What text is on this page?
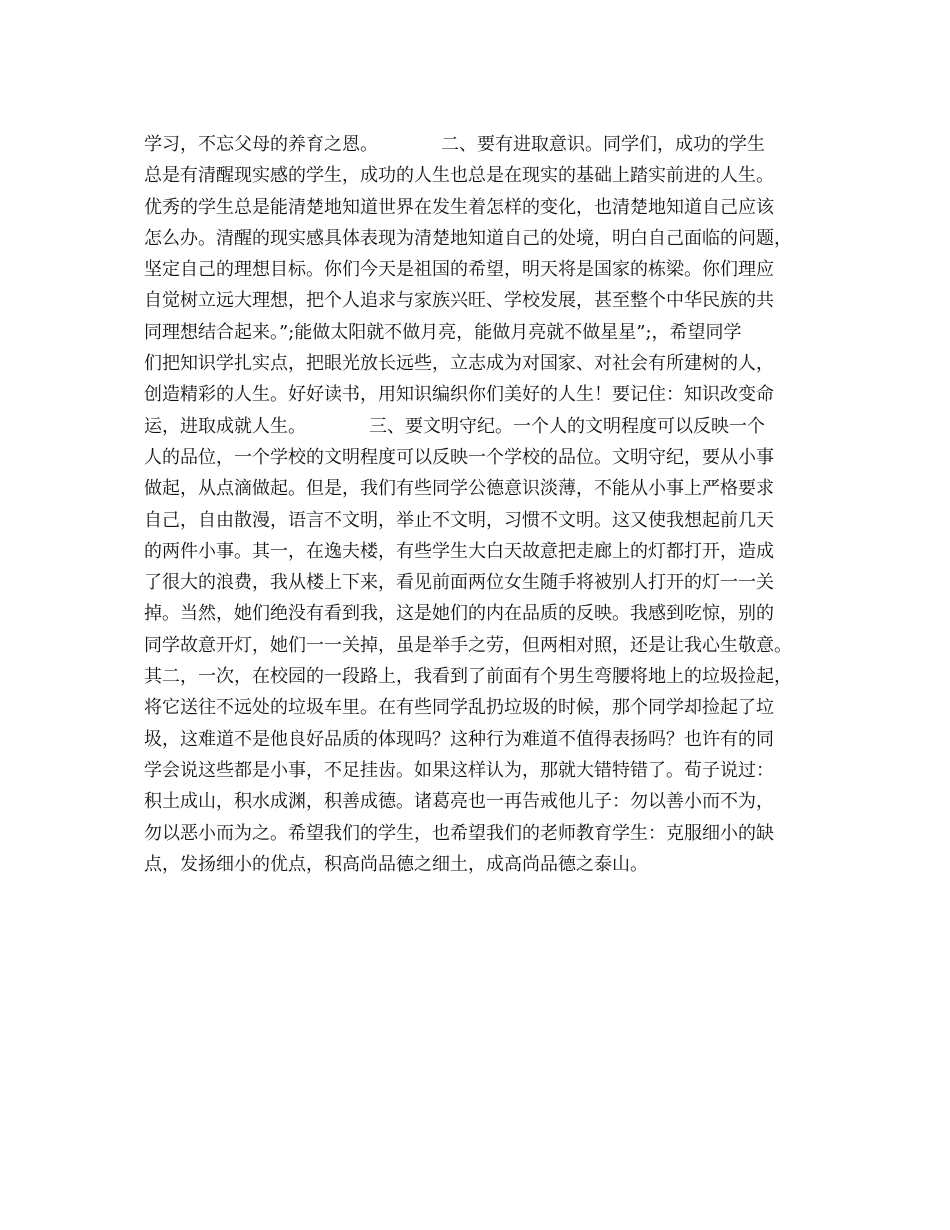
学习，不忘父母的养育之恩。　　　　二、要有进取意识。同学们，成功的学生
总是有清醒现实感的学生，成功的人生也总是在现实的基础上踏实前进的人生。
优秀的学生总是能清楚地知道世界在发生着怎样的变化，也清楚地知道自己应该
怎么办。清醒的现实感具体表现为清楚地知道自己的处境，明白自己面临的问题，
坚定自己的理想目标。你们今天是祖国的希望，明天将是国家的栋梁。你们理应
自觉树立远大理想，把个人追求与家族兴旺、学校发展，甚至整个中华民族的共
同理想结合起来。”;能做太阳就不做月亮，能做月亮就不做星星”;，希望同学
们把知识学扎实点，把眼光放长远些，立志成为对国家、对社会有所建树的人，
创造精彩的人生。好好读书，用知识编织你们美好的人生！要记住：知识改变命
运，进取成就人生。　　　　三、要文明守纪。一个人的文明程度可以反映一个
人的品位，一个学校的文明程度可以反映一个学校的品位。文明守纪，要从小事
做起，从点滴做起。但是，我们有些同学公德意识淡薄，不能从小事上严格要求
自己，自由散漫，语言不文明，举止不文明，习惯不文明。这又使我想起前几天
的两件小事。其一，在逸夫楼，有些学生大白天故意把走廊上的灯都打开，造成
了很大的浪费，我从楼上下来，看见前面两位女生随手将被别人打开的灯一一关
掉。当然，她们绝没有看到我，这是她们的内在品质的反映。我感到吃惊，别的
同学故意开灯，她们一一关掉，虽是举手之劳，但两相对照，还是让我心生敬意。
其二，一次，在校园的一段路上，我看到了前面有个男生弯腰将地上的垃圾捡起，
将它送往不远处的垃圾车里。在有些同学乱扔垃圾的时候，那个同学却捡起了垃
圾，这难道不是他良好品质的体现吗？这种行为难道不值得表扬吗？也许有的同
学会说这些都是小事，不足挂齿。如果这样认为，那就大错特错了。荀子说过：
积土成山，积水成渊，积善成德。诸葛亮也一再告戒他儿子：勿以善小而不为，
勿以恶小而为之。希望我们的学生，也希望我们的老师教育学生：克服细小的缺
点，发扬细小的优点，积高尚品德之细土，成高尚品德之泰山。
